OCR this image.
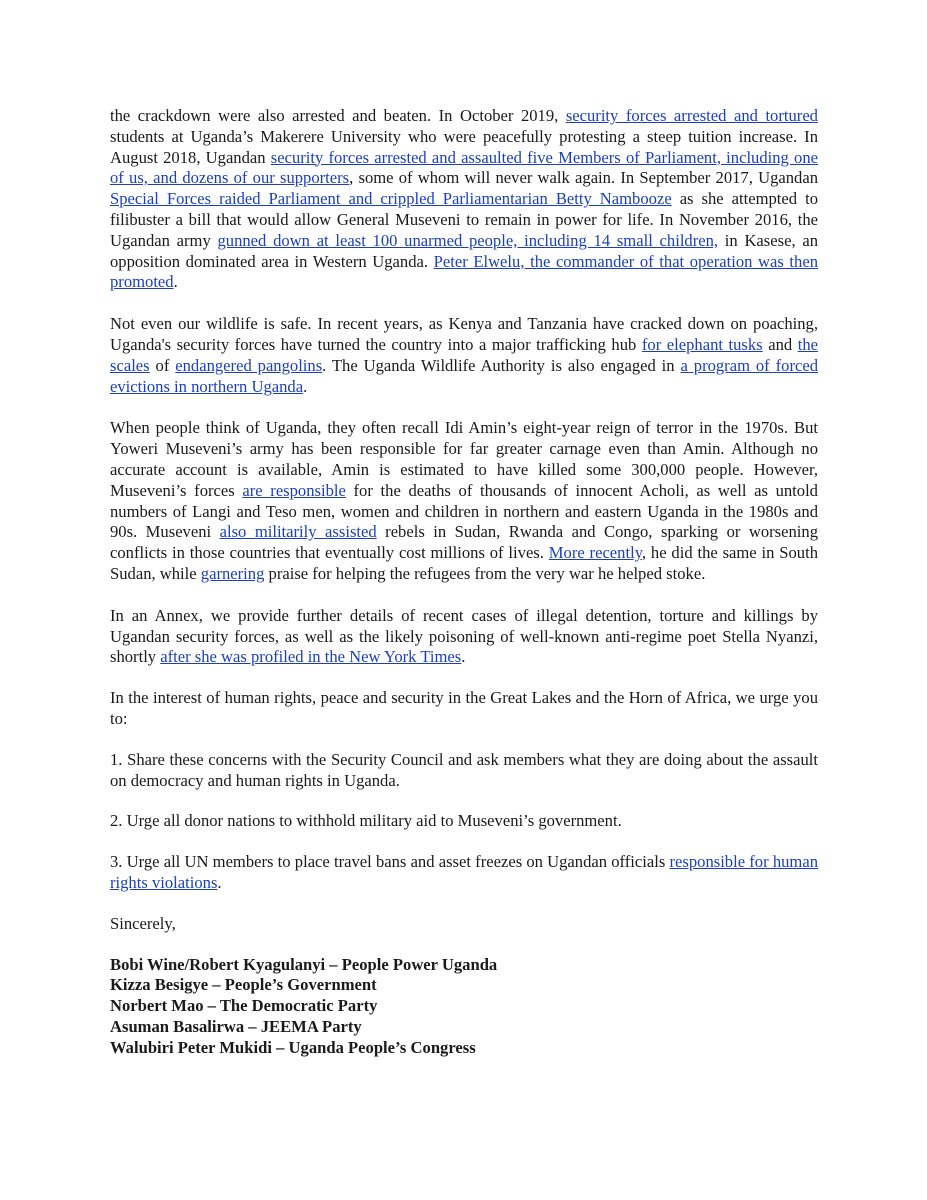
the crackdown were also arrested and beaten. In October 2019, security forces arrested and tortured students at Uganda’s Makerere University who were peacefully protesting a steep tuition increase. In August 2018, Ugandan security forces arrested and assaulted five Members of Parliament, including one of us, and dozens of our supporters, some of whom will never walk again. In September 2017, Ugandan Special Forces raided Parliament and crippled Parliamentarian Betty Nambooze as she attempted to filibuster a bill that would allow General Museveni to remain in power for life. In November 2016, the Ugandan army gunned down at least 100 unarmed people, including 14 small children, in Kasese, an opposition dominated area in Western Uganda. Peter Elwelu, the commander of that operation was then promoted.

Not even our wildlife is safe. In recent years, as Kenya and Tanzania have cracked down on poaching, Uganda's security forces have turned the country into a major trafficking hub for elephant tusks and the scales of endangered pangolins. The Uganda Wildlife Authority is also engaged in a program of forced evictions in northern Uganda.

When people think of Uganda, they often recall Idi Amin’s eight-year reign of terror in the 1970s. But Yoweri Museveni’s army has been responsible for far greater carnage even than Amin. Although no accurate account is available, Amin is estimated to have killed some 300,000 people. However, Museveni’s forces are responsible for the deaths of thousands of innocent Acholi, as well as untold numbers of Langi and Teso men, women and children in northern and eastern Uganda in the 1980s and 90s. Museveni also militarily assisted rebels in Sudan, Rwanda and Congo, sparking or worsening conflicts in those countries that eventually cost millions of lives. More recently, he did the same in South Sudan, while garnering praise for helping the refugees from the very war he helped stoke.

In an Annex, we provide further details of recent cases of illegal detention, torture and killings by Ugandan security forces, as well as the likely poisoning of well-known anti-regime poet Stella Nyanzi, shortly after she was profiled in the New York Times.

In the interest of human rights, peace and security in the Great Lakes and the Horn of Africa, we urge you to:

1. Share these concerns with the Security Council and ask members what they are doing about the assault on democracy and human rights in Uganda.

2. Urge all donor nations to withhold military aid to Museveni’s government.

3. Urge all UN members to place travel bans and asset freezes on Ugandan officials responsible for human rights violations.

Sincerely,

Bobi Wine/Robert Kyagulanyi – People Power Uganda
Kizza Besigye – People’s Government
Norbert Mao – The Democratic Party
Asuman Basalirwa – JEEMA Party
Walubiri Peter Mukidi – Uganda People’s Congress
